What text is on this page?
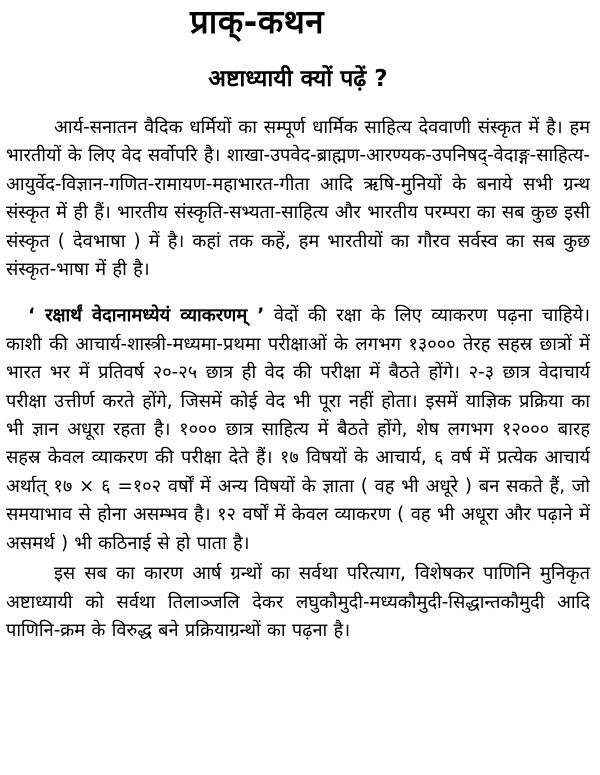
प्राक्-कथन
अष्टाध्यायी क्यों पढ़ें ?

आर्य-सनातन वैदिक धर्मियों का सम्पूर्ण धार्मिक साहित्य देववाणी संस्कृत में है। हम भारतीयों के लिए वेद सर्वोपरि है। शाखा-उपवेद-ब्राह्मण-आरण्यक-उपनिषद्-वेदाङ्ग-साहित्य-आयुर्वेद-विज्ञान-गणित-रामायण-महाभारत-गीता आदि ऋषि-मुनियों के बनाये सभी ग्रन्थ संस्कृत में ही हैं। भारतीय संस्कृति-सभ्यता-साहित्य और भारतीय परम्परा का सब कुछ इसी संस्कृत ( देवभाषा ) में है। कहां तक कहें, हम भारतीयों का गौरव सर्वस्व का सब कुछ संस्कृत-भाषा में ही है।

‘ रक्षार्थं वेदानामध्येयं व्याकरणम् ’ वेदों की रक्षा के लिए व्याकरण पढ़ना चाहिये। काशी की आचार्य-शास्त्री-मध्यमा-प्रथमा परीक्षाओं के लगभग १३००० तेरह सहस्र छात्रों में भारत भर में प्रतिवर्ष २०-२५ छात्र ही वेद की परीक्षा में बैठते होंगे। २-३ छात्र वेदाचार्य परीक्षा उत्तीर्ण करते होंगे, जिसमें कोई वेद भी पूरा नहीं होता। इसमें याज्ञिक प्रक्रिया का भी ज्ञान अधूरा रहता है। १००० छात्र साहित्य में बैठते होंगे, शेष लगभग १२००० बारह सहस्र केवल व्याकरण की परीक्षा देते हैं। १७ विषयों के आचार्य, ६ वर्ष में प्रत्येक आचार्य अर्थात् १७ × ६ =१०२ वर्षों में अन्य विषयों के ज्ञाता ( वह भी अधूरे ) बन सकते हैं, जो समयाभाव से होना असम्भव है। १२ वर्षों में केवल व्याकरण ( वह भी अधूरा और पढ़ाने में असमर्थ ) भी कठिनाई से हो पाता है।

इस सब का कारण आर्ष ग्रन्थों का सर्वथा परित्याग, विशेषकर पाणिनि मुनिकृत अष्टाध्यायी को सर्वथा तिलाञ्जलि देकर लघुकौमुदी-मध्यकौमुदी-सिद्धान्तकौमुदी आदि पाणिनि-क्रम के विरुद्ध बने प्रक्रियाग्रन्थों का पढ़ना है।
